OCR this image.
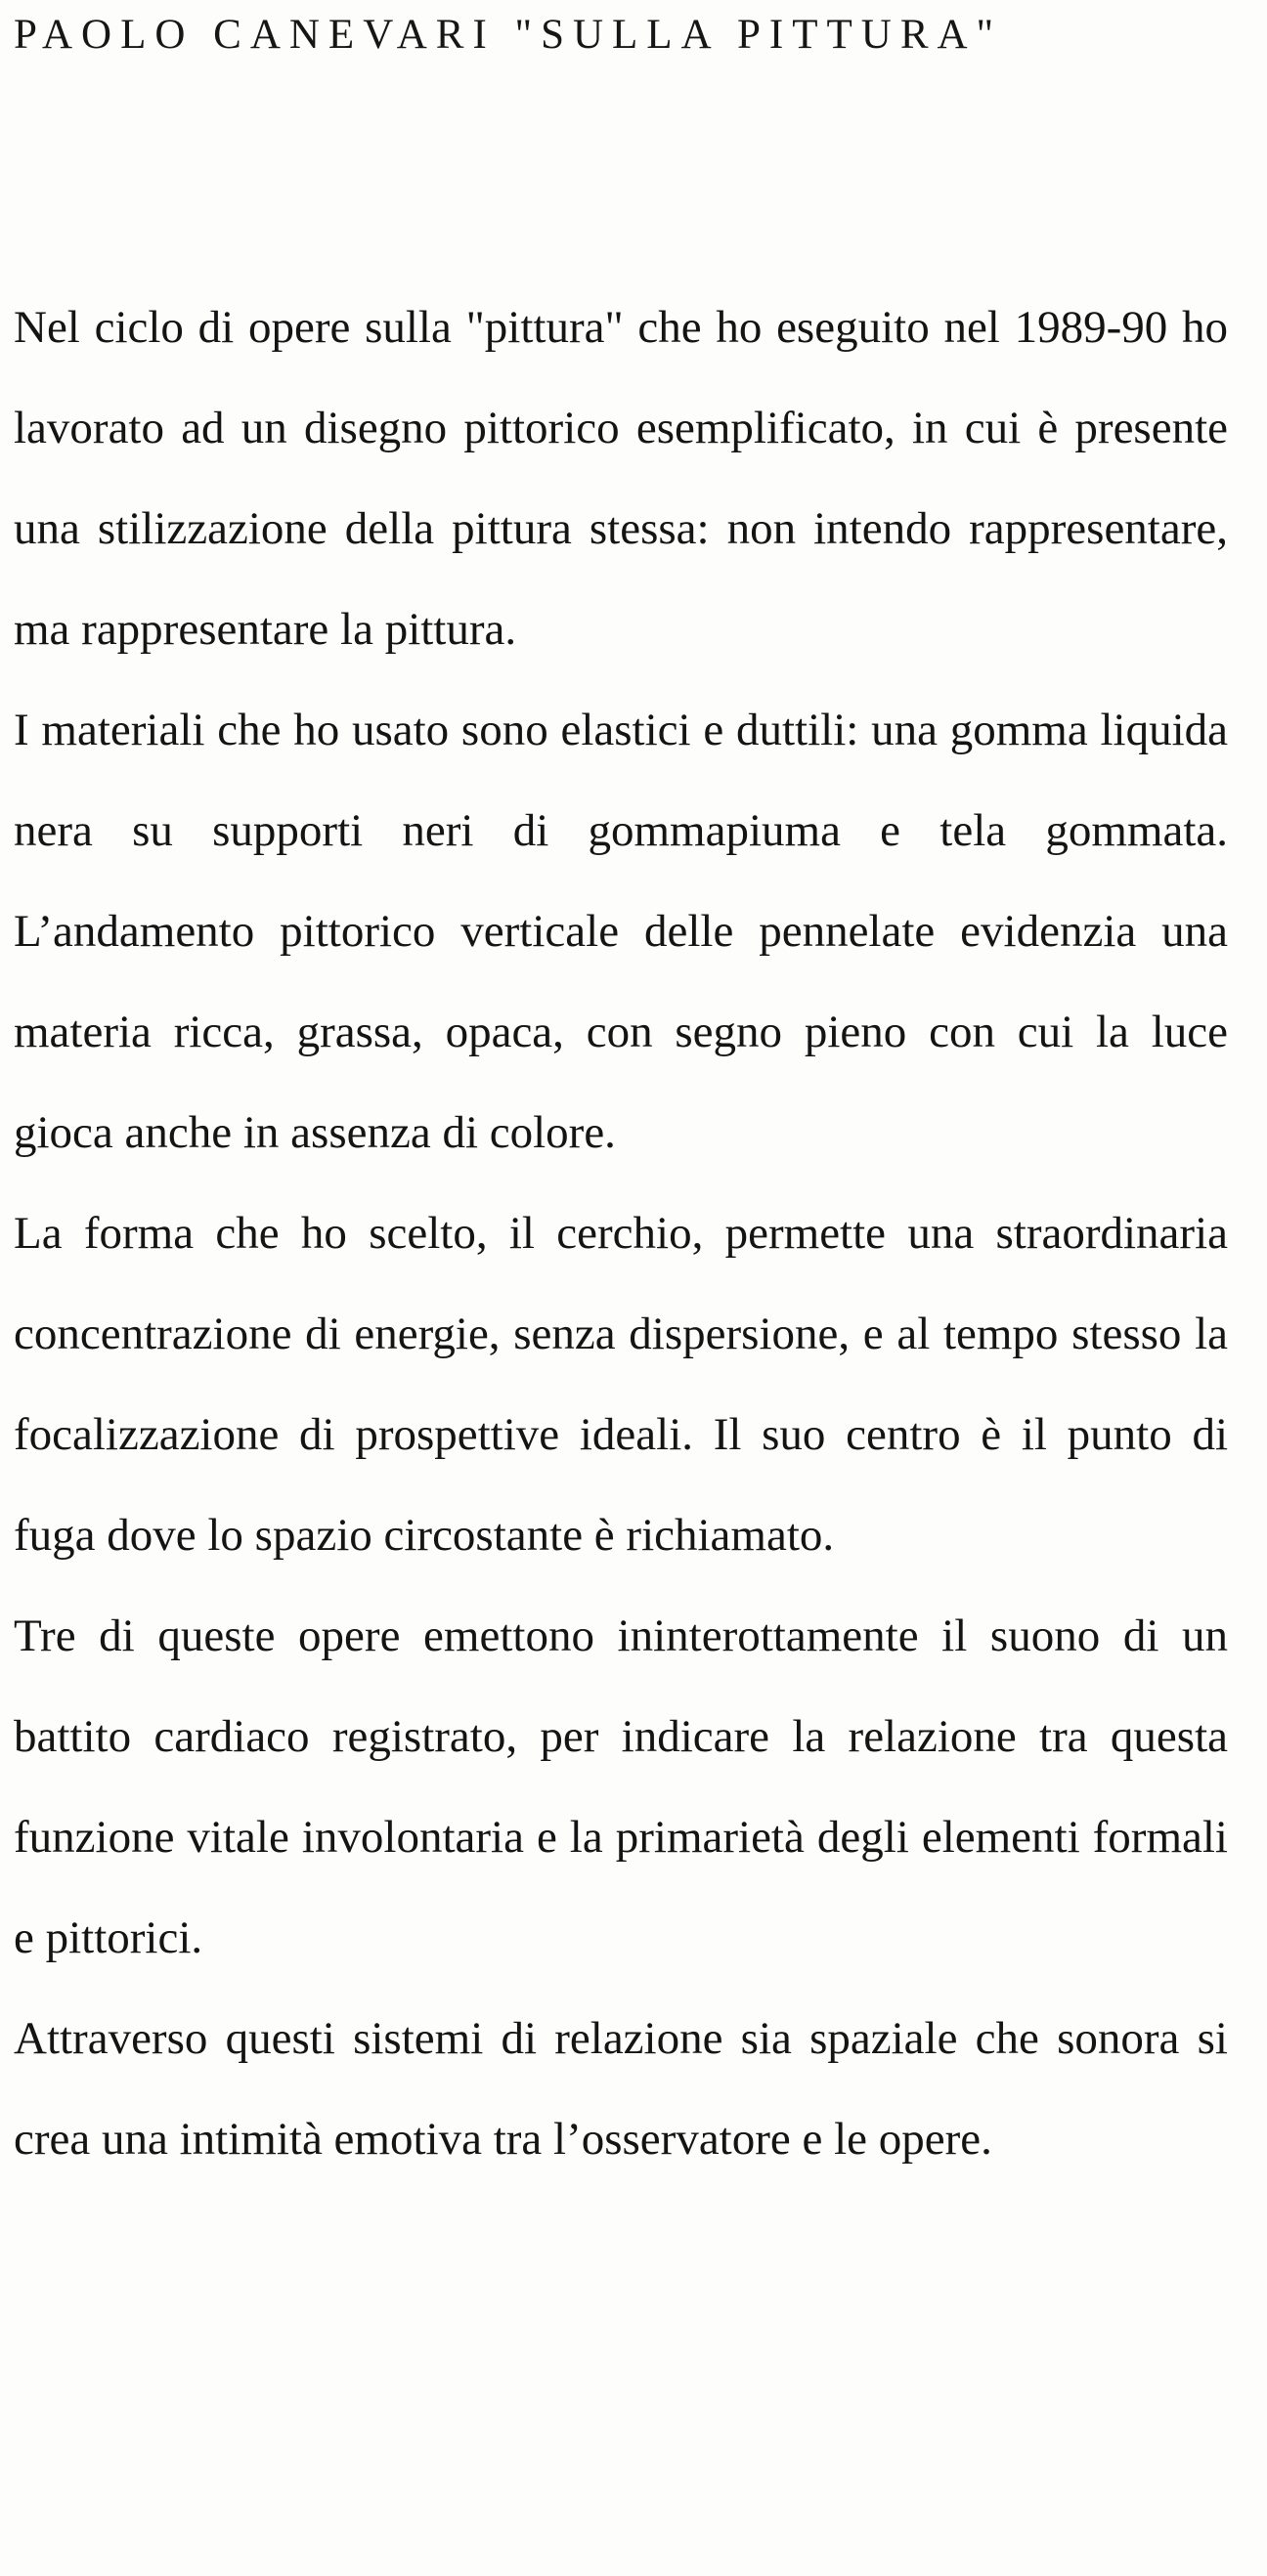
PAOLO CANEVARI "SULLA PITTURA"

Nel ciclo di opere sulla "pittura" che ho eseguito nel 1989-90 ho lavorato ad un disegno pittorico esemplificato, in cui è presente una stilizzazione della pittura stessa: non intendo rappresentare, ma rappresentare la pittura.

I materiali che ho usato sono elastici e duttili: una gomma liquida nera su supporti neri di gommapiuma e tela gommata. L’andamento pittorico verticale delle pennelate evidenzia una materia ricca, grassa, opaca, con segno pieno con cui la luce gioca anche in assenza di colore.

La forma che ho scelto, il cerchio, permette una straordinaria concentrazione di energie, senza dispersione, e al tempo stesso la focalizzazione di prospettive ideali. Il suo centro è il punto di fuga dove lo spazio circostante è richiamato.

Tre di queste opere emettono ininterottamente il suono di un battito cardiaco registrato, per indicare la relazione tra questa funzione vitale involontaria e la primarietà degli elementi formali e pittorici.

Attraverso questi sistemi di relazione sia spaziale che sonora si crea una intimità emotiva tra l’osservatore e le opere.
